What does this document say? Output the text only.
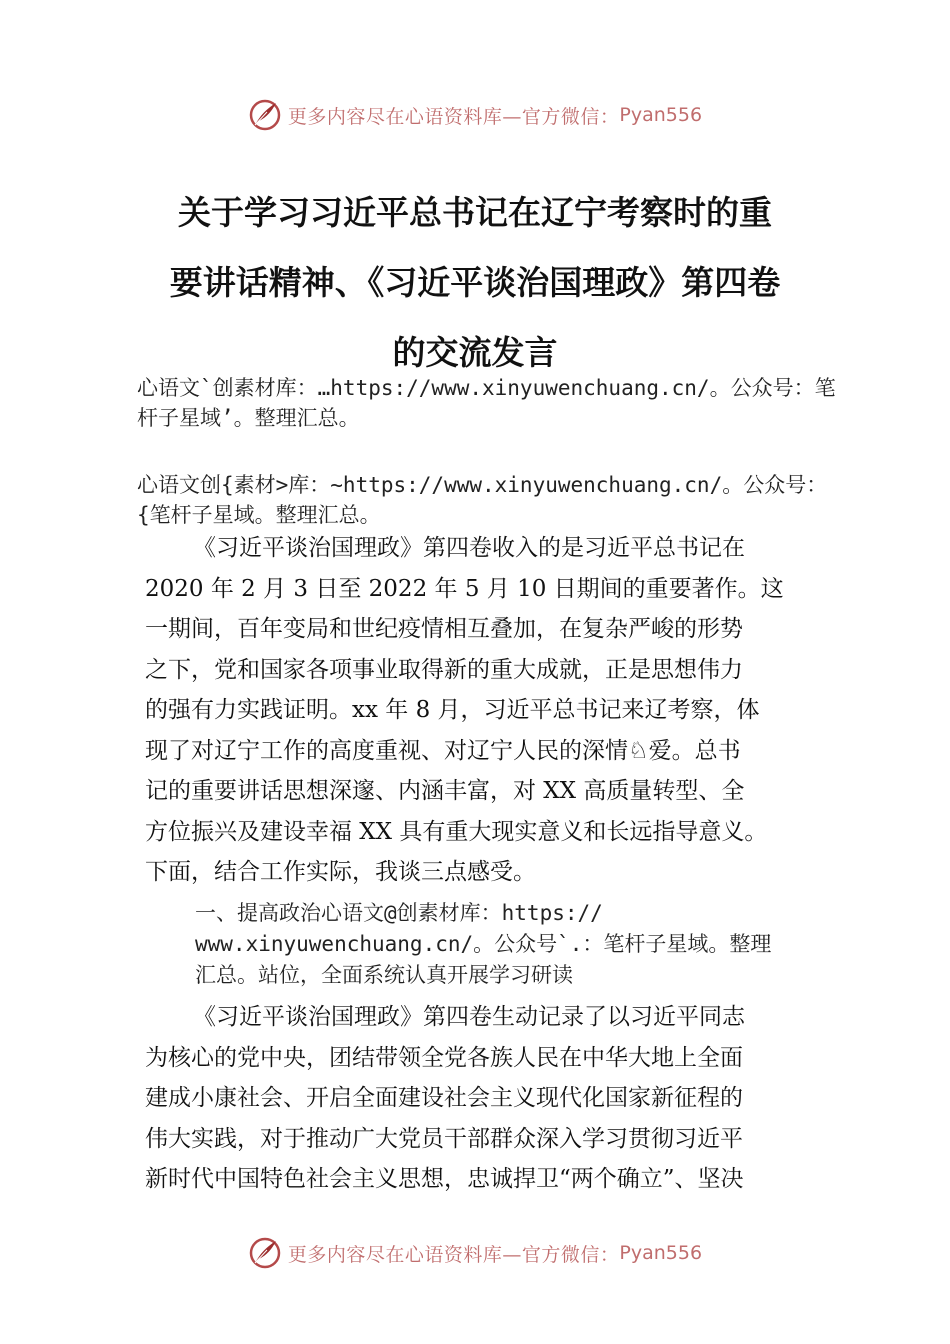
更多内容尽在心语资料库—官方微信： Pyan556
关于学习习近平总书记在辽宁考察时的重
要讲话精神、《习近平谈治国理政》第四卷
的交流发言

心语文`创素材库：…https://www.xinyuwenchuang.cn/。公众号：笔杆子星域’。整理汇总。

心语文创{素材>库：~https://www.xinyuwenchuang.cn/。公众号：{笔杆子星域。整理汇总。

《习近平谈治国理政》第四卷收入的是习近平总书记在
2020 年 2 月 3 日至 2022 年 5 月 10 日期间的重要著作。这
一期间，百年变局和世纪疫情相互叠加，在复杂严峻的形势
之下，党和国家各项事业取得新的重大成就，正是思想伟力
的强有力实践证明。xx 年 8 月，习近平总书记来辽考察，体
现了对辽宁工作的高度重视、对辽宁人民的深情♘爱。总书
记的重要讲话思想深邃、内涵丰富，对 XX 高质量转型、全
方位振兴及建设幸福 XX 具有重大现实意义和长远指导意义。
下面，结合工作实际，我谈三点感受。

一、提高政治心语文@创素材库：https://
www.xinyuwenchuang.cn/。公众号`.：笔杆子星域。整理
汇总。站位，全面系统认真开展学习研读

《习近平谈治国理政》第四卷生动记录了以习近平同志
为核心的党中央，团结带领全党各族人民在中华大地上全面
建成小康社会、开启全面建设社会主义现代化国家新征程的
伟大实践，对于推动广大党员干部群众深入学习贯彻习近平
新时代中国特色社会主义思想，忠诚捍卫“两个确立”、坚决

更多内容尽在心语资料库—官方微信： Pyan556
